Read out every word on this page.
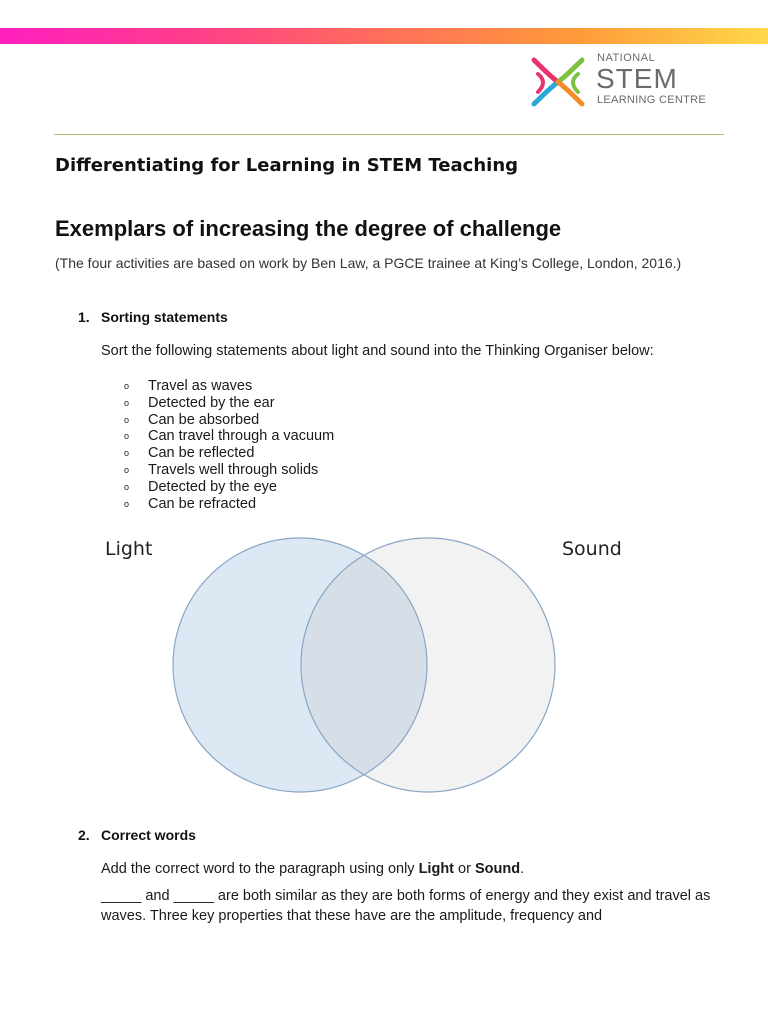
NATIONAL
STEM
LEARNING CENTRE
Differentiating for Learning in STEM Teaching
Exemplars of increasing the degree of challenge
(The four activities are based on work by Ben Law, a PGCE trainee at King’s College, London, 2016.)
1. Sorting statements
Sort the following statements about light and sound into the Thinking Organiser below:
o Travel as waves
o Detected by the ear
o Can be absorbed
o Can travel through a vacuum
o Can be reflected
o Travels well through solids
o Detected by the eye
o Can be refracted
Light	Sound
2. Correct words
Add the correct word to the paragraph using only Light or Sound.
_____ and _____ are both similar as they are both forms of energy and they exist and travel as waves. Three key properties that these have are the amplitude, frequency and
